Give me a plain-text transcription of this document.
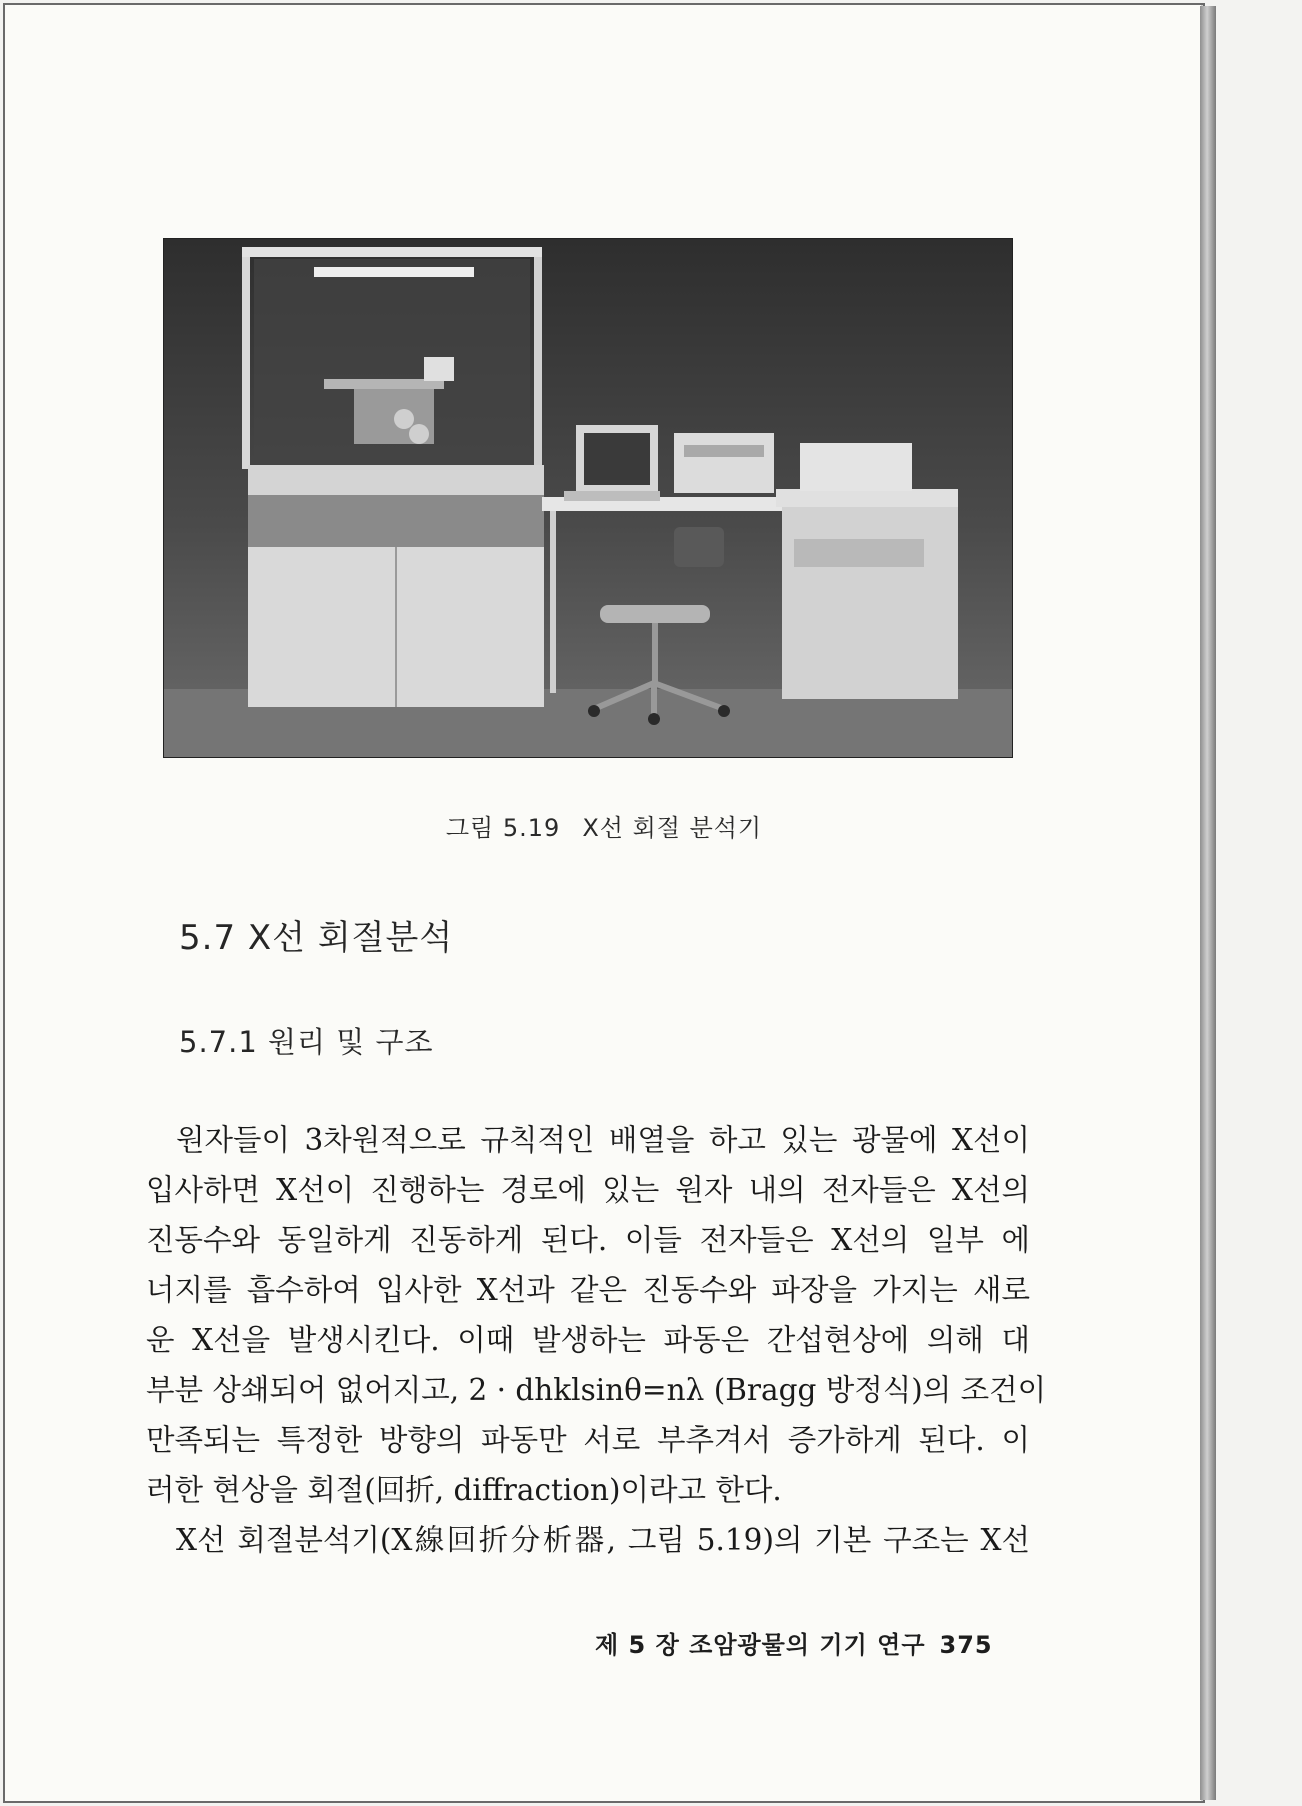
그림 5.19 X선 회절 분석기
5.7 X선 회절분석
5.7.1 원리 및 구조
원자들이 3차원적으로 규칙적인 배열을 하고 있는 광물에 X선이
입사하면 X선이 진행하는 경로에 있는 원자 내의 전자들은 X선의
진동수와 동일하게 진동하게 된다. 이들 전자들은 X선의 일부 에
너지를 흡수하여 입사한 X선과 같은 진동수와 파장을 가지는 새로
운 X선을 발생시킨다. 이때 발생하는 파동은 간섭현상에 의해 대
부분 상쇄되어 없어지고, 2 · dhklsinθ=nλ (Bragg 방정식)의 조건이
만족되는 특정한 방향의 파동만 서로 부추겨서 증가하게 된다. 이
러한 현상을 회절(回折, diffraction)이라고 한다.
X선 회절분석기(X線回折分析器, 그림 5.19)의 기본 구조는 X선
제 5 장 조암광물의 기기 연구 375
